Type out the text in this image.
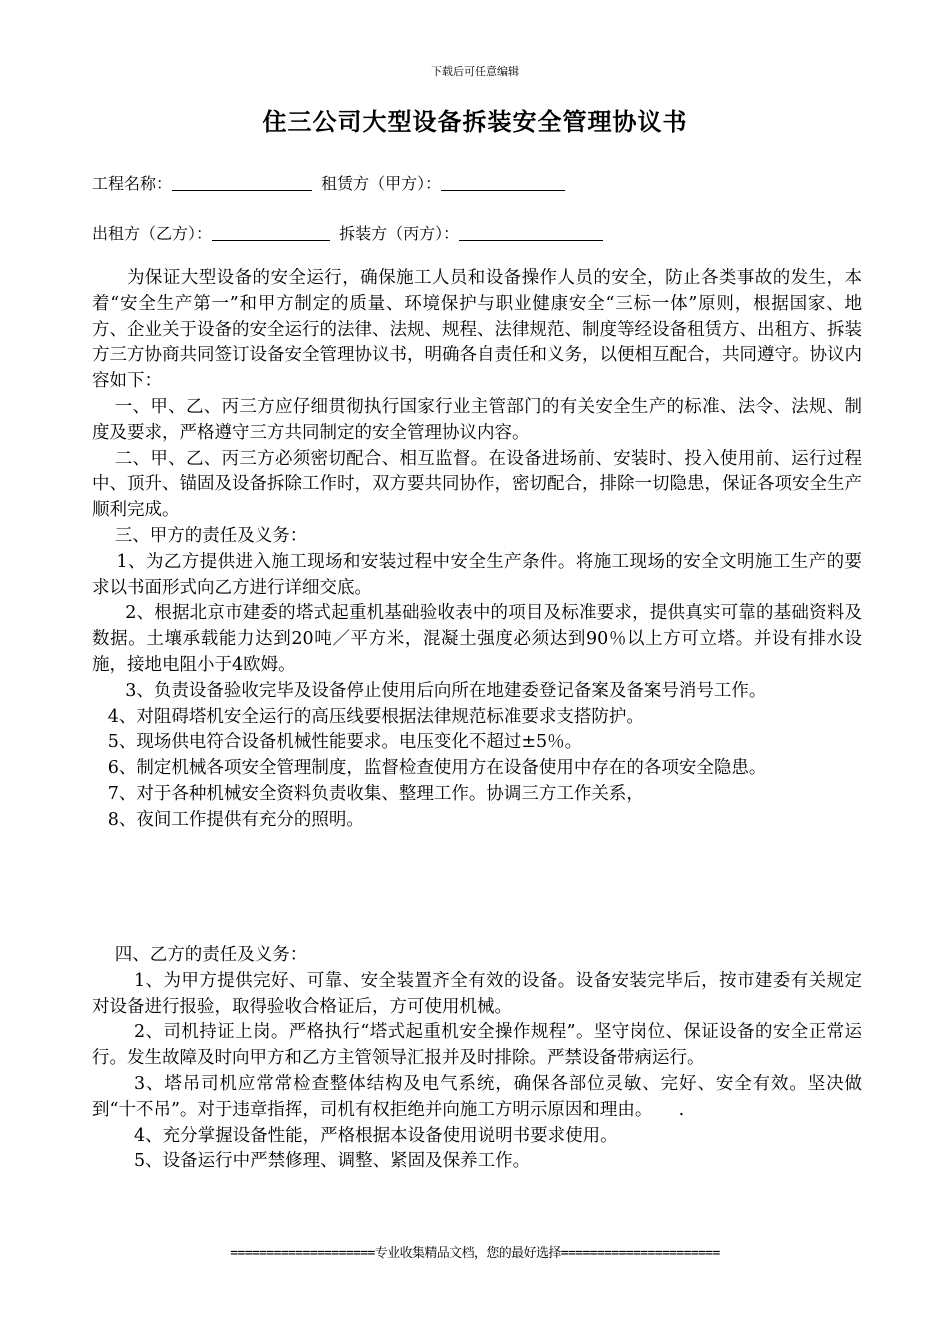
下载后可任意编辑
住三公司大型设备拆装安全管理协议书
工程名称：	租赁方（甲方）：
出租方（乙方）：	拆装方（丙方）：

为保证大型设备的安全运行，确保施工人员和设备操作人员的安全，防止各类事故的发生，本着“安全生产第一”和甲方制定的质量、环境保护与职业健康安全“三标一体”原则，根据国家、地方、企业关于设备的安全运行的法律、法规、规程、法律规范、制度等经设备租赁方、出租方、拆装方三方协商共同签订设备安全管理协议书，明确各自责任和义务，以便相互配合，共同遵守。协议内容如下：

一、甲、乙、丙三方应仔细贯彻执行国家行业主管部门的有关安全生产的标准、法令、法规、制度及要求，严格遵守三方共同制定的安全管理协议内容。

二、甲、乙、丙三方必须密切配合、相互监督。在设备进场前、安装时、投入使用前、运行过程中、顶升、锚固及设备拆除工作时，双方要共同协作，密切配合，排除一切隐患，保证各项安全生产顺利完成。

三、甲方的责任及义务：

1、为乙方提供进入施工现场和安装过程中安全生产条件。将施工现场的安全文明施工生产的要求以书面形式向乙方进行详细交底。

2、根据北京市建委的塔式起重机基础验收表中的项目及标准要求，提供真实可靠的基础资料及数据。土壤承载能力达到20吨／平方米，混凝土强度必须达到90％以上方可立塔。并设有排水设施，接地电阻小于4欧姆。

3、负责设备验收完毕及设备停止使用后向所在地建委登记备案及备案号消号工作。

4、对阻碍塔机安全运行的高压线要根据法律规范标准要求支搭防护。

5、现场供电符合设备机械性能要求。电压变化不超过±5％。

6、制定机械各项安全管理制度，监督检查使用方在设备使用中存在的各项安全隐患。

7、对于各种机械安全资料负责收集、整理工作。协调三方工作关系，

8、夜间工作提供有充分的照明。

四、乙方的责任及义务：

1、为甲方提供完好、可靠、安全装置齐全有效的设备。设备安装完毕后，按市建委有关规定对设备进行报验，取得验收合格证后，方可使用机械。

2、司机持证上岗。严格执行“塔式起重机安全操作规程”。坚守岗位、保证设备的安全正常运行。发生故障及时向甲方和乙方主管领导汇报并及时排除。严禁设备带病运行。

3、塔吊司机应常常检查整体结构及电气系统，确保各部位灵敏、完好、安全有效。坚决做到“十不吊”。对于违章指挥，司机有权拒绝并向施工方明示原因和理由。　　.

4、充分掌握设备性能，严格根据本设备使用说明书要求使用。

5、设备运行中严禁修理、调整、紧固及保养工作。

====================专业收集精品文档，您的最好选择======================
